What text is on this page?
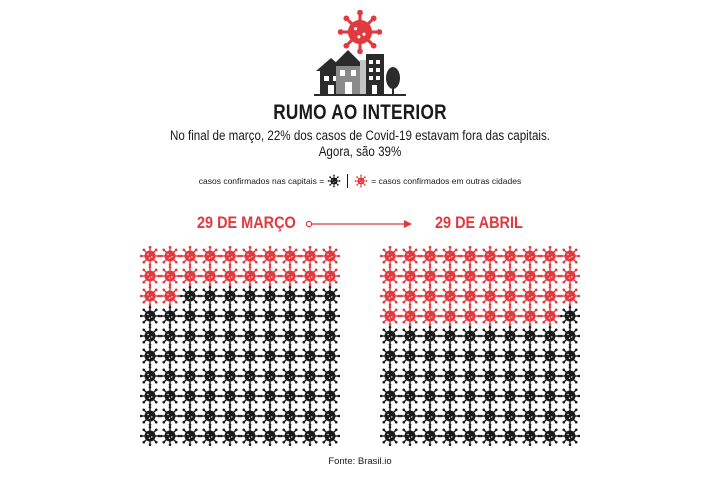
RUMO AO INTERIOR
No final de março, 22% dos casos de Covid-19 estavam fora das capitais.
Agora, são 39%
casos confirmados nas capitais =	= casos confirmados em outras cidades
29 DE MARÇO	29 DE ABRIL
Fonte: Brasil.io
